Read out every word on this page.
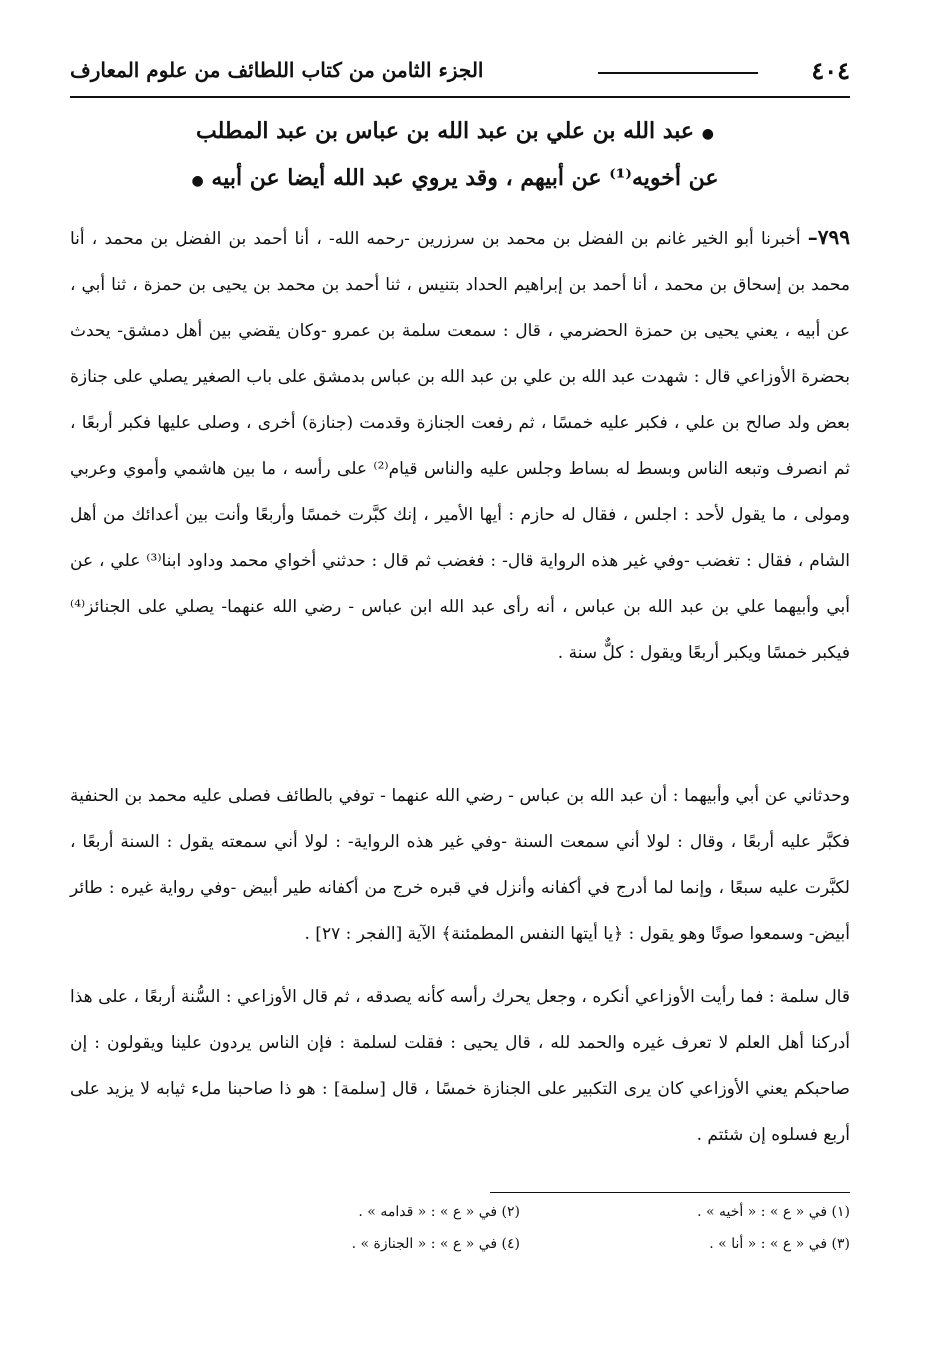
٤٠٤
الجزء الثامن من كتاب اللطائف من علوم المعارف
● عبد الله بن علي بن عبد الله بن عباس بن عبد المطلب
عن أخويه⁽¹⁾ عن أبيهم ، وقد يروي عبد الله أيضا عن أبيه ●
٧٩٩– أخبرنا أبو الخير غانم بن الفضل بن محمد بن سرزرين -رحمه الله- ، أنا أحمد بن الفضل بن محمد ، أنا محمد بن إسحاق بن محمد ، أنا أحمد بن إبراهيم الحداد بتنيس ، ثنا أحمد بن محمد بن يحيى بن حمزة ، ثنا أبي ، عن أبيه ، يعني يحيى بن حمزة الحضرمي ، قال : سمعت سلمة بن عمرو -وكان يقضي بين أهل دمشق- يحدث بحضرة الأوزاعي قال : شهدت عبد الله بن علي بن عبد الله بن عباس بدمشق على باب الصغير يصلي على جنازة بعض ولد صالح بن علي ، فكبر عليه خمسًا ، ثم رفعت الجنازة وقدمت (جنازة) أخرى ، وصلى عليها فكبر أربعًا ، ثم انصرف وتبعه الناس وبسط له بساط وجلس عليه والناس قيام⁽²⁾ على رأسه ، ما بين هاشمي وأموي وعربي ومولى ، ما يقول لأحد : اجلس ، فقال له حازم : أيها الأمير ، إنك كبَّرت خمسًا وأربعًا وأنت بين أعدائك من أهل الشام ، فقال : تغضب -وفي غير هذه الرواية قال- : فغضب ثم قال : حدثني أخواي محمد وداود ابنا⁽³⁾ علي ، عن أبي وأبيهما علي بن عبد الله بن عباس ، أنه رأى عبد الله ابن عباس - رضي الله عنهما- يصلي على الجنائز⁽⁴⁾ فيكبر خمسًا ويكبر أربعًا ويقول : كلٌّ سنة .
وحدثاني عن أبي وأبيهما : أن عبد الله بن عباس - رضي الله عنهما - توفي بالطائف فصلى عليه محمد بن الحنفية فكبَّر عليه أربعًا ، وقال : لولا أني سمعت السنة -وفي غير هذه الرواية- : لولا أني سمعته يقول : السنة أربعًا ، لكبَّرت عليه سبعًا ، وإنما لما أدرج في أكفانه وأنزل في قبره خرج من أكفانه طير أبيض -وفي رواية غيره : طائر أبيض- وسمعوا صوتًا وهو يقول : ﴿يا أيتها النفس المطمئنة﴾ الآية [الفجر : ٢٧] .
قال سلمة : فما رأيت الأوزاعي أنكره ، وجعل يحرك رأسه كأنه يصدقه ، ثم قال الأوزاعي : السُّنة أربعًا ، على هذا أدركنا أهل العلم لا تعرف غيره والحمد لله ، قال يحيى : فقلت لسلمة : فإن الناس يردون علينا ويقولون : إن صاحبكم يعني الأوزاعي كان يرى التكبير على الجنازة خمسًا ، قال [سلمة] : هو ذا صاحبنا ملء ثيابه لا يزيد على أربع فسلوه إن شئتم .
(١) في « ع » : « أخيه » .
(٢) في « ع » : « قدامه » .
(٣) في « ع » : « أنا » .
(٤) في « ع » : « الجنازة » .
